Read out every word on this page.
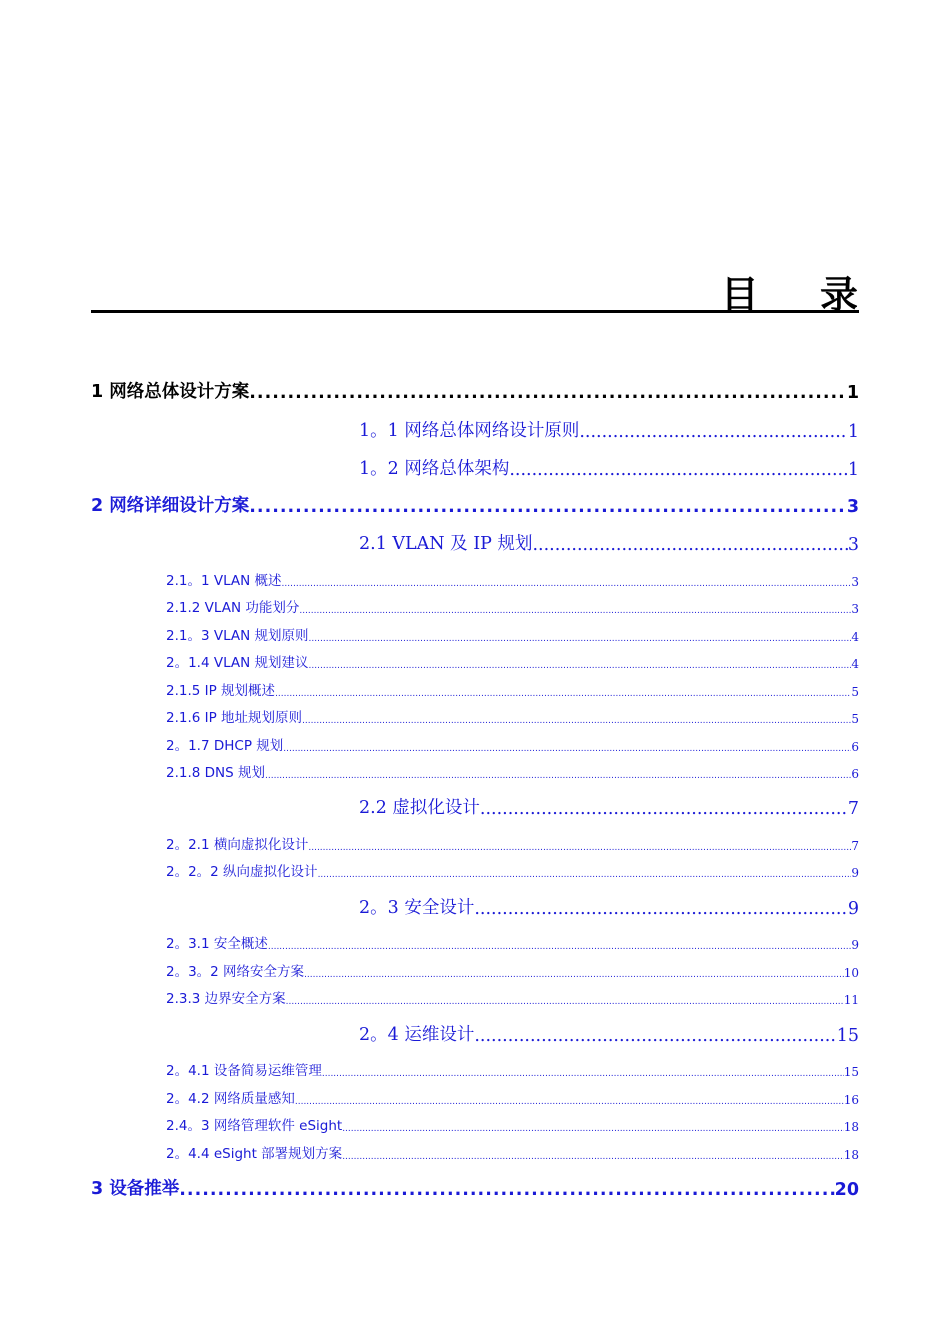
目 录
1 网络总体设计方案 .....	1
1。1 网络总体网络设计原则 .....	1
1。2 网络总体架构 .....	1
2 网络详细设计方案 .....	3
2.1 VLAN 及 IP 规划 .....	3
2.1。1 VLAN 概述 .....	3
2.1.2 VLAN 功能划分 .....	3
2.1。3 VLAN 规划原则 .....	4
2。1.4 VLAN 规划建议 .....	4
2.1.5 IP 规划概述 .....	5
2.1.6 IP 地址规划原则 .....	5
2。1.7 DHCP 规划 .....	6
2.1.8 DNS 规划 .....	6
2.2 虚拟化设计 .....	7
2。2.1 横向虚拟化设计 .....	7
2。2。2 纵向虚拟化设计 .....	9
2。3 安全设计 .....	9
2。3.1 安全概述 .....	9
2。3。2 网络安全方案 .....	10
2.3.3 边界安全方案 .....	11
2。4 运维设计 .....	15
2。4.1 设备简易运维管理 .....	15
2。4.2 网络质量感知 .....	16
2.4。3 网络管理软件 eSight .....	18
2。4.4 eSight 部署规划方案 .....	18
3 设备推举 .....	20
